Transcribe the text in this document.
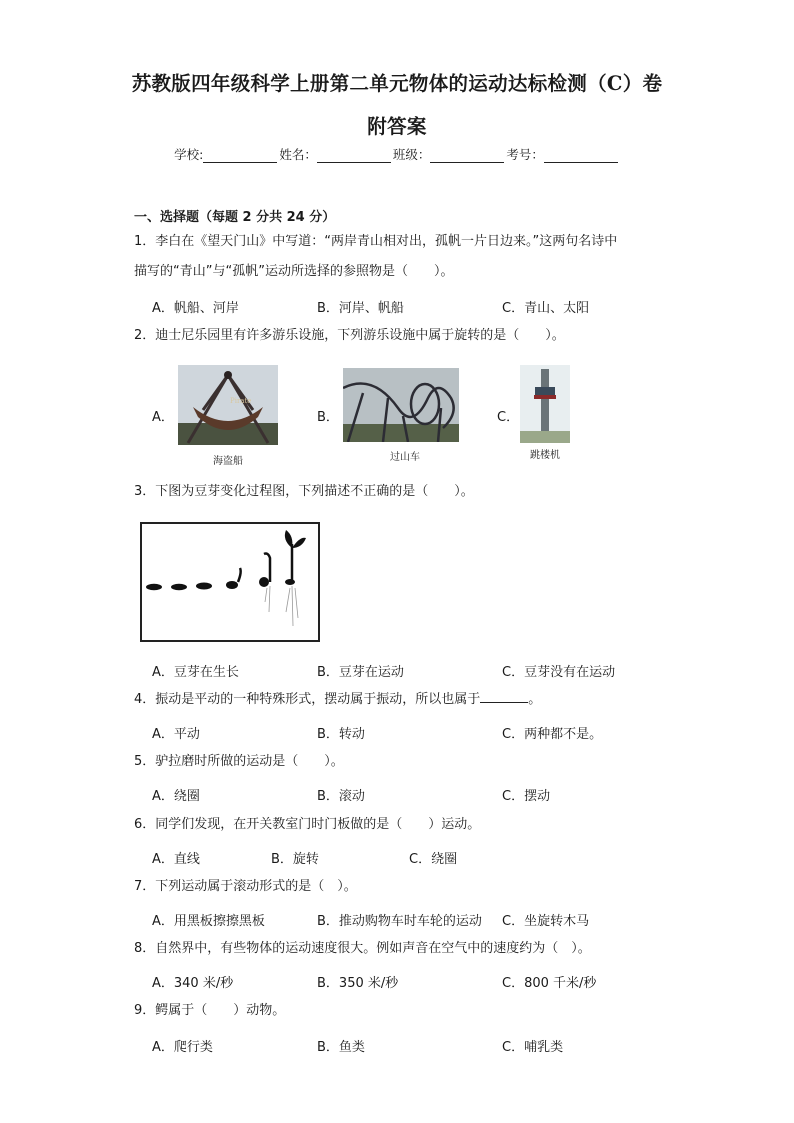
苏教版四年级科学上册第二单元物体的运动达标检测（C）卷
附答案
学校:	姓名：	班级：	考号：
一、选择题（每题 2 分共 24 分）
1．李白在《望天门山》中写道：“两岸青山相对出，孤帆一片日边来。”这两句名诗中
描写的“青山”与“孤帆”运动所选择的参照物是（　　）。
A．帆船、河岸	B．河岸、帆船	C．青山、太阳
2．迪士尼乐园里有许多游乐设施，下列游乐设施中属于旋转的是（　　）。
A．	B．	C．
Pirate
海盗船	过山车	跳楼机
3．下图为豆芽变化过程图，下列描述不正确的是（　　）。
A．豆芽在生长	B．豆芽在运动	C．豆芽没有在运动
4．振动是平动的一种特殊形式，摆动属于振动，所以也属于	。
A．平动	B．转动	C．两种都不是。
5．驴拉磨时所做的运动是（　　）。
A．绕圈	B．滚动	C．摆动
6．同学们发现，在开关教室门时门板做的是（　　）运动。
A．直线	B．旋转	C．绕圈
7．下列运动属于滚动形式的是（　）。
A．用黑板擦擦黑板	B．推动购物车时车轮的运动 C．坐旋转木马
8．自然界中，有些物体的运动速度很大。例如声音在空气中的速度约为（　）。
A．340 米/秒	B．350 米/秒	C．800 千米/秒
9．鳄属于（　　）动物。
A．爬行类	B．鱼类	C．哺乳类
